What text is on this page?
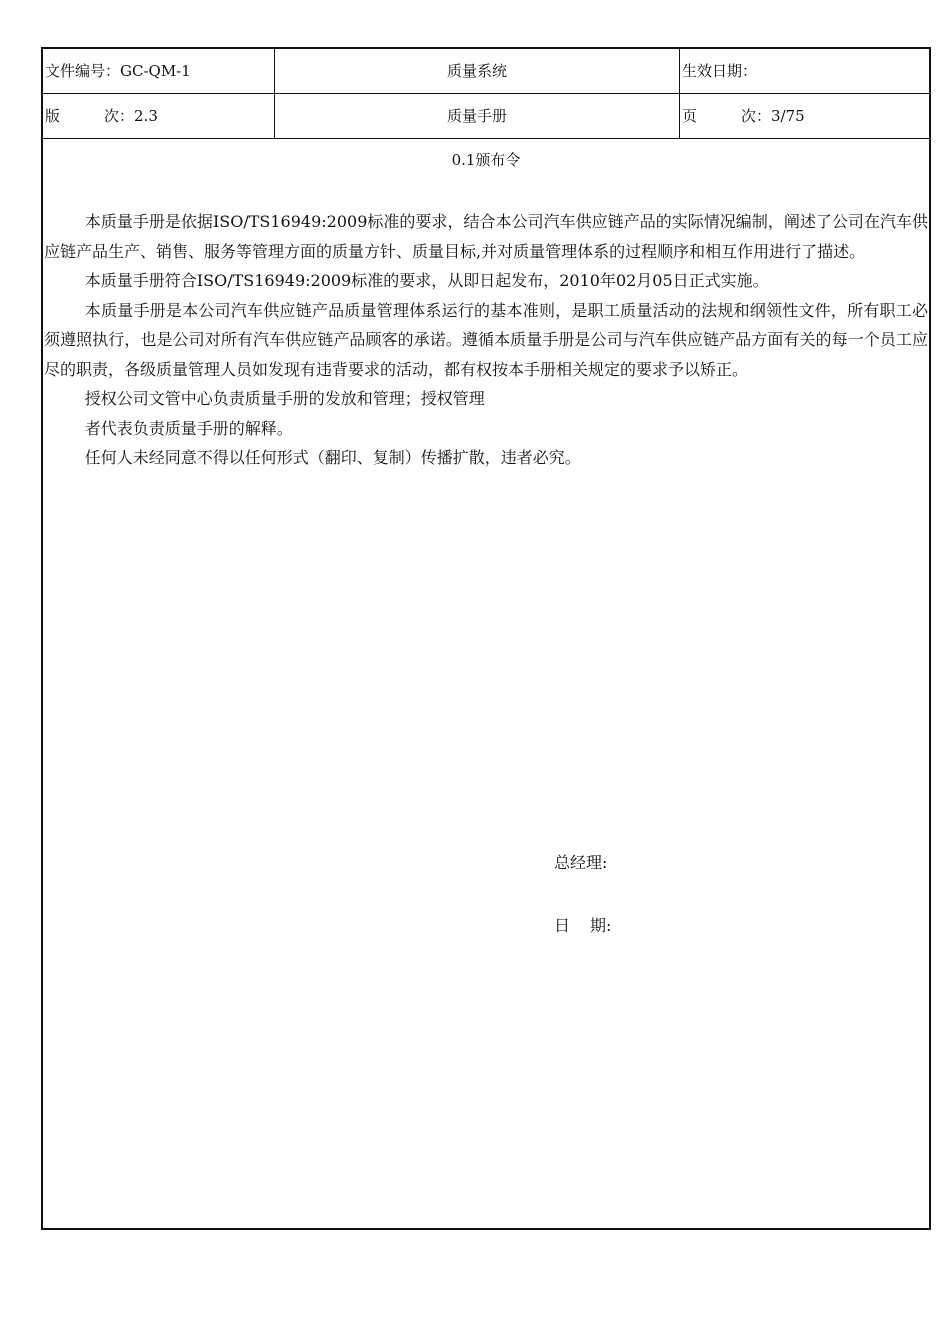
文件编号：GC-QM-1	质量系统	生效日期：
版 次：2.3	质量手册	页 次：3/75
0.1颁布令

本质量手册是依据ISO/TS16949:2009标准的要求，结合本公司汽车供应链产品的实际情况编制，阐述了公司在汽车供应链产品生产、销售、服务等管理方面的质量方针、质量目标,并对质量管理体系的过程顺序和相互作用进行了描述。

本质量手册符合ISO/TS16949:2009标准的要求，从即日起发布，2010年02月05日正式实施。

本质量手册是本公司汽车供应链产品质量管理体系运行的基本准则，是职工质量活动的法规和纲领性文件，所有职工必须遵照执行，也是公司对所有汽车供应链产品顾客的承诺。遵循本质量手册是公司与汽车供应链产品方面有关的每一个员工应尽的职责，各级质量管理人员如发现有违背要求的活动，都有权按本手册相关规定的要求予以矫正。

授权公司文管中心负责质量手册的发放和管理；授权管理

者代表负责质量手册的解释。

任何人未经同意不得以任何形式（翻印、复制）传播扩散，违者必究。

总经理:
日 期:
